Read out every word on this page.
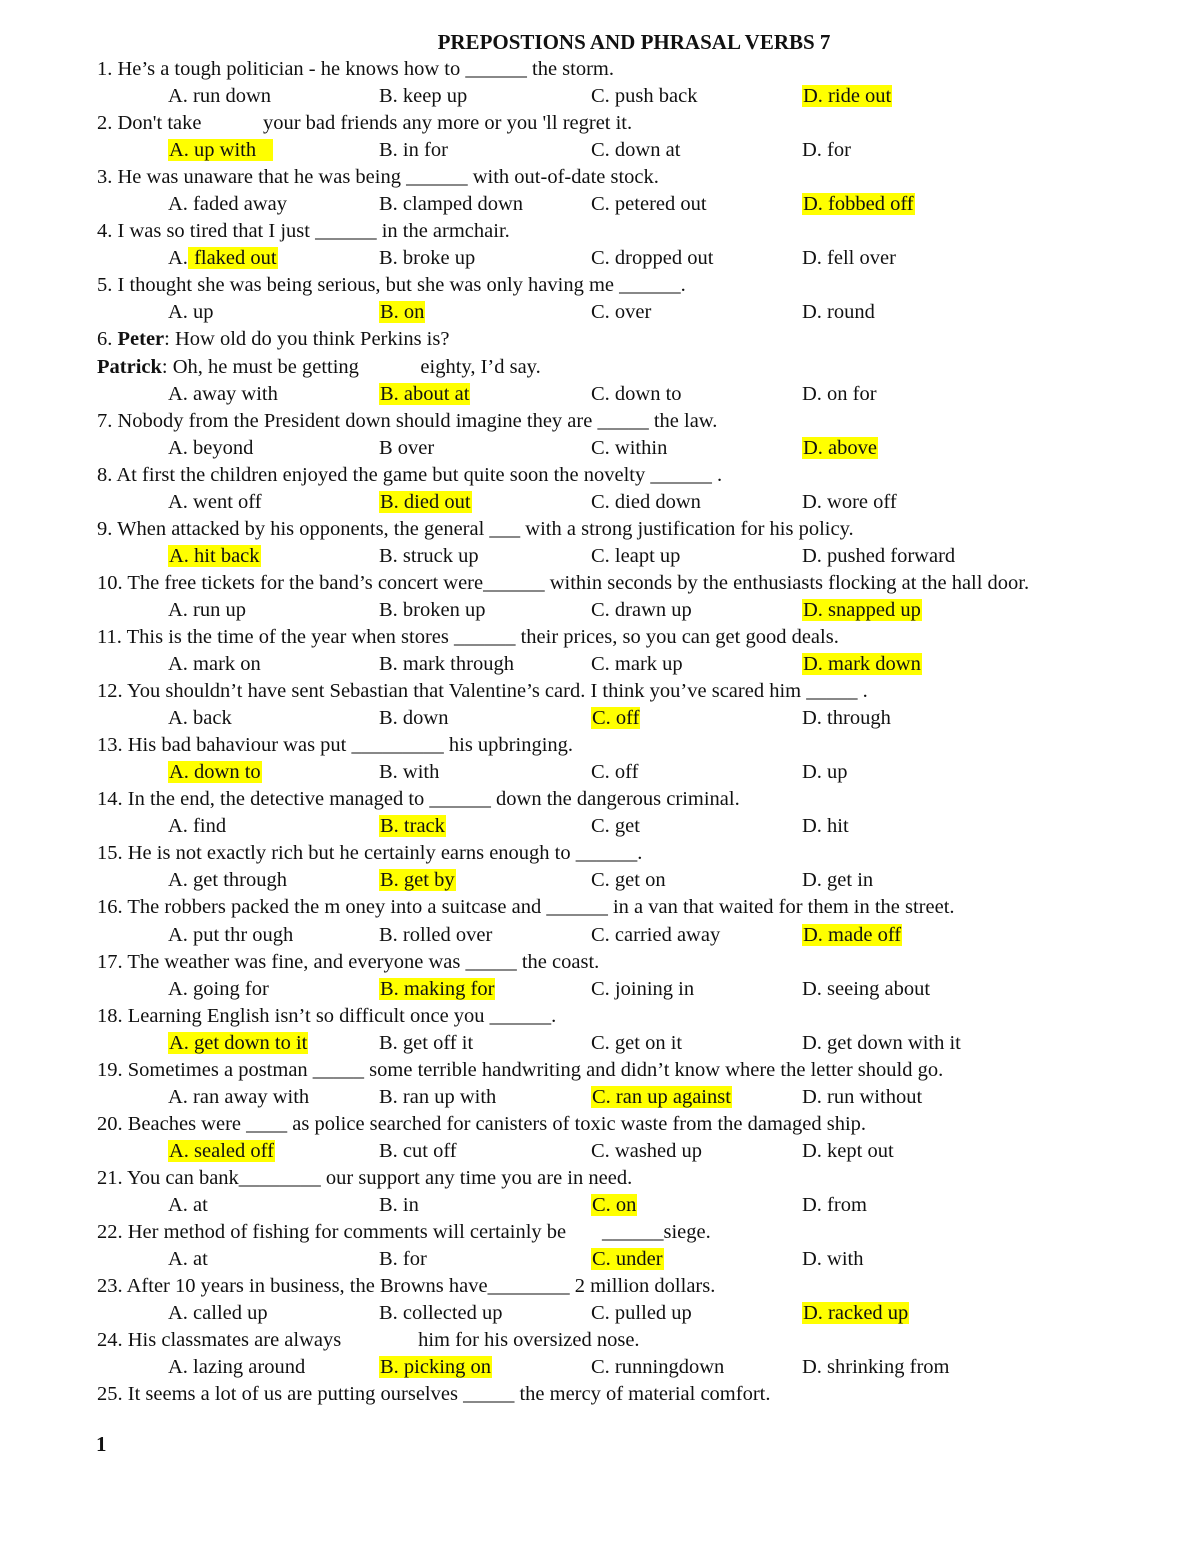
PREPOSTIONS AND PHRASAL VERBS 7
1. He’s a tough politician - he knows how to ______ the storm.
A. run down	B. keep up	C. push back	D. ride out
2. Don't take            your bad friends any more or you 'll regret it.
A. up with	B. in for	C. down at	D. for
3. He was unaware that he was being ______ with out-of-date stock.
A. faded away	B. clamped down	C. petered out	D. fobbed off
4. I was so tired that I just ______ in the armchair.
A. flaked out	B. broke up	C. dropped out	D. fell over
5. I thought she was being serious, but she was only having me ______.
A. up	B. on	C. over	D. round
6. Peter: How old do you think Perkins is?
Patrick: Oh, he must be getting            eighty, I’d say.
A. away with	B. about at	C. down to	D. on for
7. Nobody from the President down should imagine they are _____ the law.
A. beyond	B over	C. within	D. above
8. At first the children enjoyed the game but quite soon the novelty ______ .
A. went off	B. died out	C. died down	D. wore off
9. When attacked by his opponents, the general ___ with a strong justification for his policy.
A. hit back	B. struck up	C. leapt up	D. pushed forward
10. The free tickets for the band’s concert were______ within seconds by the enthusiasts flocking at the hall door.
A. run up	B. broken up	C. drawn up	D. snapped up
11. This is the time of the year when stores ______ their prices, so you can get good deals.
A. mark on	B. mark through	C. mark up	D. mark down
12. You shouldn’t have sent Sebastian that Valentine’s card. I think you’ve scared him _____ .
A. back	B. down	C. off	D. through
13. His bad bahaviour was put _________ his upbringing.
A. down to	B. with	C. off	D. up
14. In the end, the detective managed to ______ down the dangerous criminal.
A. find	B. track	C. get	D. hit
15. He is not exactly rich but he certainly earns enough to ______.
A. get through	B. get by	C. get on	D. get in
16. The robbers packed the m oney into a suitcase and ______ in a van that waited for them in the street.
A. put thr ough	B. rolled over	C. carried away	D. made off
17. The weather was fine, and everyone was _____ the coast.
A. going for	B. making for	C. joining in	D. seeing about
18. Learning English isn’t so difficult once you ______.
A. get down to it	B. get off it	C. get on it	D. get down with it
19. Sometimes a postman _____ some terrible handwriting and didn’t know where the letter should go.
A. ran away with	B. ran up with	C. ran up against	D. run without
20. Beaches were ____ as police searched for canisters of toxic waste from the damaged ship.
A. sealed off	B. cut off	C. washed up	D. kept out
21. You can bank________ our support any time you are in need.
A. at	B. in	C. on	D. from
22. Her method of fishing for comments will certainly be       ______siege.
A. at	B. for	C. under	D. with
23. After 10 years in business, the Browns have________ 2 million dollars.
A. called up	B. collected up	C. pulled up	D. racked up
24. His classmates are always               him for his oversized nose.
A. lazing around	B. picking on	C. runningdown	D. shrinking from
25. It seems a lot of us are putting ourselves _____ the mercy of material comfort.
1
